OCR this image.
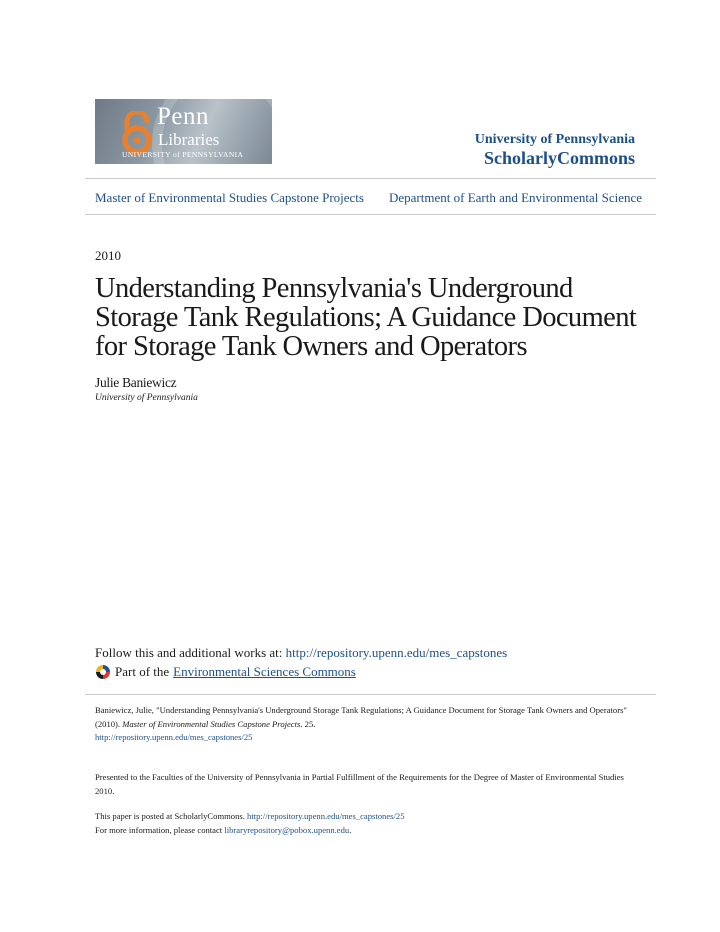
Penn
Libraries
UNIVERSITY of PENNSYLVANIA
University of Pennsylvania
ScholarlyCommons
Master of Environmental Studies Capstone Projects Department of Earth and Environmental Science
2010
Understanding Pennsylvania's Underground
Storage Tank Regulations; A Guidance Document
for Storage Tank Owners and Operators
Julie Baniewicz
University of Pennsylvania
Follow this and additional works at: http://repository.upenn.edu/mes_capstones
Part of the Environmental Sciences Commons
Baniewicz, Julie, "Understanding Pennsylvania's Underground Storage Tank Regulations; A Guidance Document for Storage Tank Owners and Operators" (2010). Master of Environmental Studies Capstone Projects. 25.
http://repository.upenn.edu/mes_capstones/25
Presented to the Faculties of the University of Pennsylvania in Partial Fulfillment of the Requirements for the Degree of Master of Environmental Studies 2010.
This paper is posted at ScholarlyCommons. http://repository.upenn.edu/mes_capstones/25
For more information, please contact libraryrepository@pobox.upenn.edu.
